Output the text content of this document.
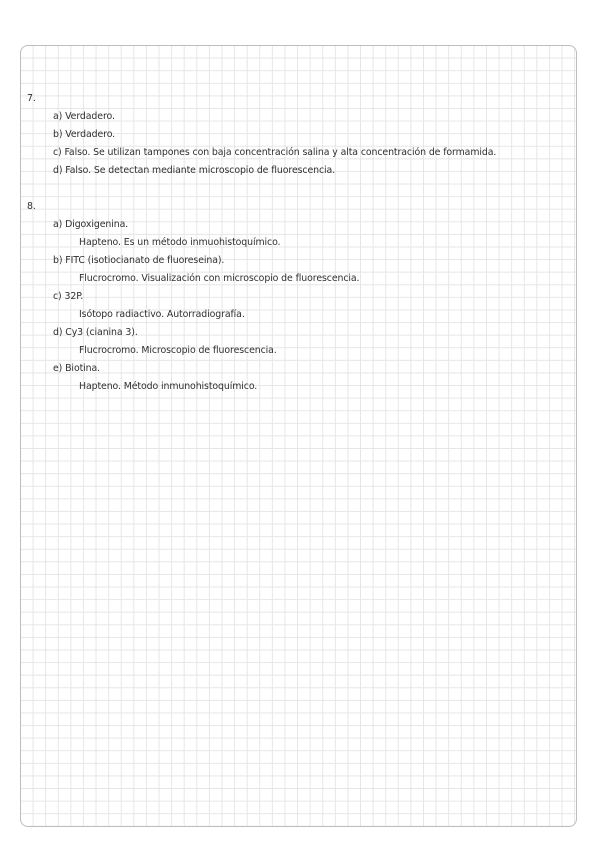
7.
a) Verdadero.
b) Verdadero.
c) Falso. Se utilizan tampones con baja concentración salina y alta concentración de formamida.
d) Falso. Se detectan mediante microscopio de fluorescencia.
8.
a) Digoxigenina.
Hapteno. Es un método inmuohistoquímico.
b) FITC (isotiocianato de fluoreseina).
Flucrocromo. Visualización con microscopio de fluorescencia.
c) 32P.
Isótopo radiactivo. Autorradiografía.
d) Cy3 (cianina 3).
Flucrocromo. Microscopio de fluorescencia.
e) Biotina.
Hapteno. Método inmunohistoquímico.
